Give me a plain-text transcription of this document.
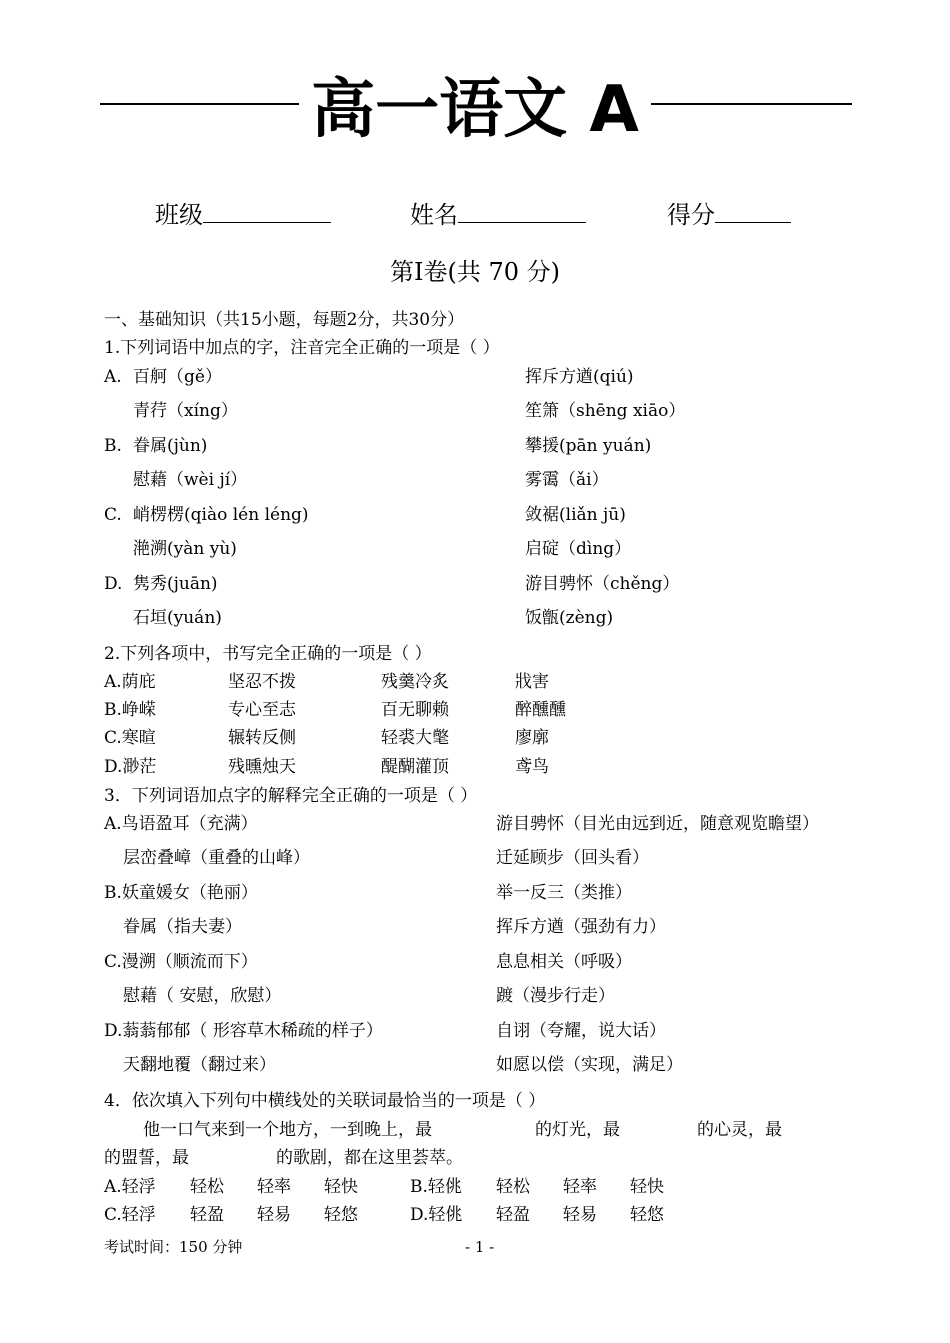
高一语文 A
班级	姓名	得分
第Ⅰ卷(共 70 分)
一、基础知识（共15小题，每题2分，共30分）
1.下列词语中加点的字，注音完全正确的一项是（ ）
A. 百舸（gě）	挥斥方遒(qiú)
青荇（xíng）	笙箫（shēng xiāo）
B. 眷属(jùn)	攀援(pān yuán)
慰藉（wèi jí）	雾霭（ǎi）
C. 峭楞楞(qiào lén léng)	敛裾(liǎn jū)
滟溯(yàn yù)	启碇（dìng）
D. 隽秀(juān)	游目骋怀（chěng）
石垣(yuán)	饭甑(zèng)
2.下列各项中，书写完全正确的一项是（ ）
A.荫庇	坚忍不拨	残羹冷炙	戕害
B.峥嵘	专心至志	百无聊赖	醉醺醺
C.寒暄	辗转反侧	轻裘大氅	廖廓
D.渺茫	残曛烛天	醍醐灌顶	鸢鸟
3．下列词语加点字的解释完全正确的一项是（ ）
A.鸟语盈耳（充满）	游目骋怀（目光由远到近，随意观览瞻望）
层峦叠嶂（重叠的山峰）	迁延顾步（回头看）
B.妖童媛女（艳丽）	举一反三（类推）
眷属（指夫妻）	挥斥方遒（强劲有力）
C.漫溯（顺流而下）	息息相关（呼吸）
慰藉（ 安慰，欣慰）	踱（漫步行走）
D.蓊蓊郁郁（ 形容草木稀疏的样子）	自诩（夸耀，说大话）
天翻地覆（翻过来）	如愿以偿（实现，满足）
4．依次填入下列句中横线处的关联词最恰当的一项是（ ）
他一口气来到一个地方，一到晚上，最	的灯光，最	的心灵，最
的盟誓，最	的歌剧，都在这里荟萃。
A.轻浮 轻松 轻率 轻快	B.轻佻 轻松 轻率 轻快
C.轻浮 轻盈 轻易 轻悠	D.轻佻 轻盈 轻易 轻悠
考试时间：150 分钟	- 1 -
